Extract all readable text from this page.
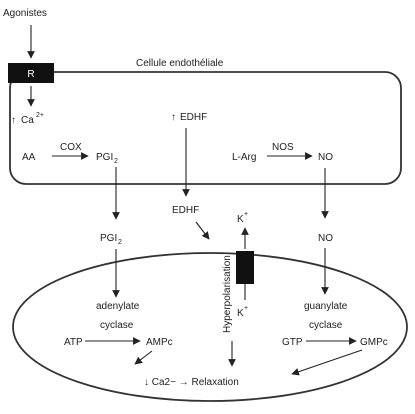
R
Agonistes
Cellule endothéliale
↑ Ca 2+	↑ EDHF
AA
COX
PGI 2	L-Arg
NOS
NO
EDHF
PGI 2	NO
K +
K +
Hyperpolarisation
adenylate
cyclase
guanylate
cyclase
ATP	AMPc	GTP	GMPc
↓ Ca2− → Relaxation
